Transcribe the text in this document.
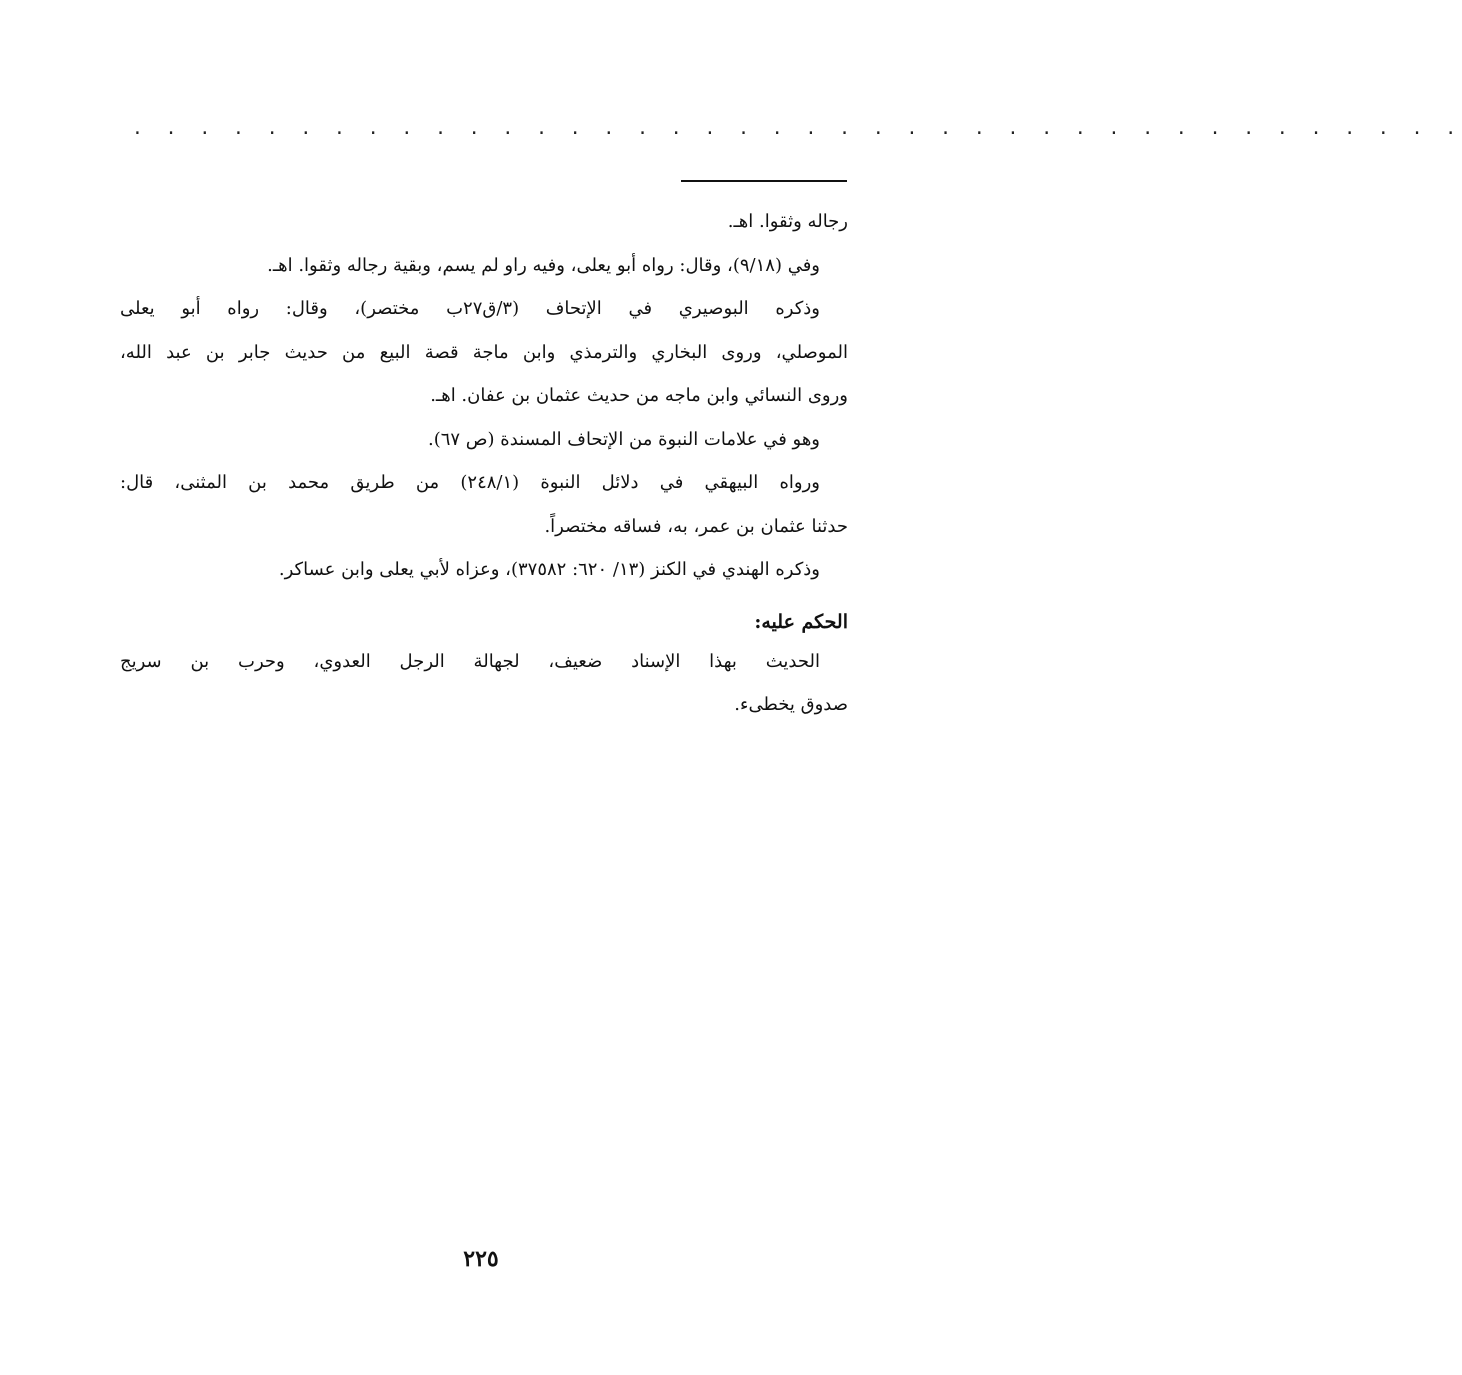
. . . . . . . . . . . . . . . . . . . . . . . . . . . . . . . . . . . . . . . .
رجاله وثقوا. اهـ.
وفي (٩/١٨)، وقال: رواه أبو يعلى، وفيه راو لم يسم، وبقية رجاله وثقوا. اهـ.
وذكره البوصيري في الإتحاف (٣/ق٢٧ب مختصر)، وقال: رواه أبو يعلى
الموصلي، وروى البخاري والترمذي وابن ماجة قصة البيع من حديث جابر بن عبد الله،
وروى النسائي وابن ماجه من حديث عثمان بن عفان. اهـ.
وهو في علامات النبوة من الإتحاف المسندة (ص ٦٧).
ورواه البيهقي في دلائل النبوة (٢٤٨/١) من طريق محمد بن المثنى، قال:
حدثنا عثمان بن عمر، به، فساقه مختصراً.
وذكره الهندي في الكنز (١٣/ ٦٢٠: ٣٧٥٨٢)، وعزاه لأبي يعلى وابن عساكر.
الحكم عليه:
الحديث بهذا الإسناد ضعيف، لجهالة الرجل العدوي، وحرب بن سريج
صدوق يخطىء.
٢٢٥
